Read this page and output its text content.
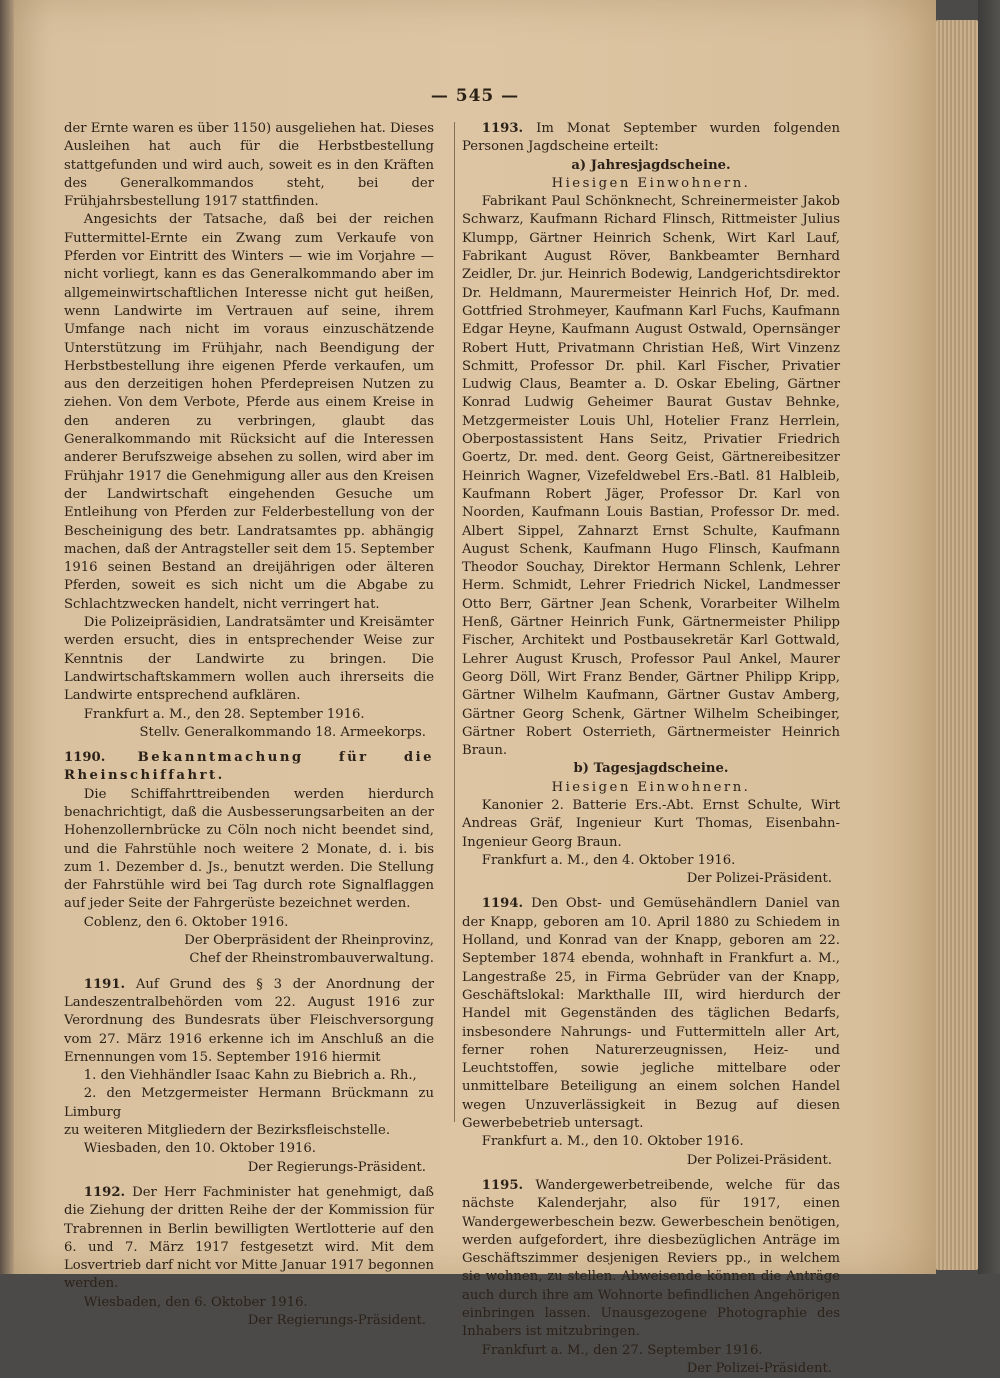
— 545 —

der Ernte waren es über 1150) ausgeliehen hat. Dieses Ausleihen hat auch für die Herbstbestellung stattgefunden und wird auch, soweit es in den Kräften des Generalkommandos steht, bei der Frühjahrsbestellung 1917 stattfinden.

Angesichts der Tatsache, daß bei der reichen Futtermittel-Ernte ein Zwang zum Verkaufe von Pferden vor Eintritt des Winters — wie im Vorjahre — nicht vorliegt, kann es das Generalkommando aber im allgemeinwirtschaftlichen Interesse nicht gut heißen, wenn Landwirte im Vertrauen auf seine, ihrem Umfange nach nicht im voraus einzuschätzende Unterstützung im Frühjahr, nach Beendigung der Herbstbestellung ihre eigenen Pferde verkaufen, um aus den derzeitigen hohen Pferdepreisen Nutzen zu ziehen. Von dem Verbote, Pferde aus einem Kreise in den anderen zu verbringen, glaubt das Generalkommando mit Rücksicht auf die Interessen anderer Berufszweige absehen zu sollen, wird aber im Frühjahr 1917 die Genehmigung aller aus den Kreisen der Landwirtschaft eingehenden Gesuche um Entleihung von Pferden zur Felderbestellung von der Bescheinigung des betr. Landratsamtes pp. abhängig machen, daß der Antragsteller seit dem 15. September 1916 seinen Bestand an dreijährigen oder älteren Pferden, soweit es sich nicht um die Abgabe zu Schlachtzwecken handelt, nicht verringert hat.

Die Polizeipräsidien, Landratsämter und Kreisämter werden ersucht, dies in entsprechender Weise zur Kenntnis der Landwirte zu bringen. Die Landwirtschaftskammern wollen auch ihrerseits die Landwirte entsprechend aufklären.

Frankfurt a. M., den 28. September 1916.

Stellv. Generalkommando 18. Armeekorps.

1190. Bekanntmachung für die Rheinschiffahrt.

Die Schiffahrttreibenden werden hierdurch benachrichtigt, daß die Ausbesserungsarbeiten an der Hohenzollernbrücke zu Cöln noch nicht beendet sind, und die Fahrstühle noch weitere 2 Monate, d. i. bis zum 1. Dezember d. Js., benutzt werden. Die Stellung der Fahrstühle wird bei Tag durch rote Signalflaggen auf jeder Seite der Fahrgerüste bezeichnet werden.

Coblenz, den 6. Oktober 1916.

Der Oberpräsident der Rheinprovinz,

Chef der Rheinstrombauverwaltung.

1191. Auf Grund des § 3 der Anordnung der Landeszentralbehörden vom 22. August 1916 zur Verordnung des Bundesrats über Fleischversorgung vom 27. März 1916 erkenne ich im Anschluß an die Ernennungen vom 15. September 1916 hiermit

1. den Viehhändler Isaac Kahn zu Biebrich a. Rh.,

2. den Metzgermeister Hermann Brückmann zu Limburg

zu weiteren Mitgliedern der Bezirksfleischstelle.

Wiesbaden, den 10. Oktober 1916.

Der Regierungs-Präsident.

1192. Der Herr Fachminister hat genehmigt, daß die Ziehung der dritten Reihe der der Kommission für Trabrennen in Berlin bewilligten Wertlotterie auf den 6. und 7. März 1917 festgesetzt wird. Mit dem Losvertrieb darf nicht vor Mitte Januar 1917 begonnen werden.

Wiesbaden, den 6. Oktober 1916.

Der Regierungs-Präsident.

1193. Im Monat September wurden folgenden Personen Jagdscheine erteilt:

a) Jahresjagdscheine.

Hiesigen Einwohnern.

Fabrikant Paul Schönknecht, Schreinermeister Jakob Schwarz, Kaufmann Richard Flinsch, Rittmeister Julius Klumpp, Gärtner Heinrich Schenk, Wirt Karl Lauf, Fabrikant August Röver, Bankbeamter Bernhard Zeidler, Dr. jur. Heinrich Bodewig, Landgerichtsdirektor Dr. Heldmann, Maurermeister Heinrich Hof, Dr. med. Gottfried Strohmeyer, Kaufmann Karl Fuchs, Kaufmann Edgar Heyne, Kaufmann August Ostwald, Opernsänger Robert Hutt, Privatmann Christian Heß, Wirt Vinzenz Schmitt, Professor Dr. phil. Karl Fischer, Privatier Ludwig Claus, Beamter a. D. Oskar Ebeling, Gärtner Konrad Ludwig Geheimer Baurat Gustav Behnke, Metzgermeister Louis Uhl, Hotelier Franz Herrlein, Oberpostassistent Hans Seitz, Privatier Friedrich Goertz, Dr. med. dent. Georg Geist, Gärtnereibesitzer Heinrich Wagner, Vizefeldwebel Ers.-Batl. 81 Halbleib, Kaufmann Robert Jäger, Professor Dr. Karl von Noorden, Kaufmann Louis Bastian, Professor Dr. med. Albert Sippel, Zahnarzt Ernst Schulte, Kaufmann August Schenk, Kaufmann Hugo Flinsch, Kaufmann Theodor Souchay, Direktor Hermann Schlenk, Lehrer Herm. Schmidt, Lehrer Friedrich Nickel, Landmesser Otto Berr, Gärtner Jean Schenk, Vorarbeiter Wilhelm Henß, Gärtner Heinrich Funk, Gärtnermeister Philipp Fischer, Architekt und Postbausekretär Karl Gottwald, Lehrer August Krusch, Professor Paul Ankel, Maurer Georg Döll, Wirt Franz Bender, Gärtner Philipp Kripp, Gärtner Wilhelm Kaufmann, Gärtner Gustav Amberg, Gärtner Georg Schenk, Gärtner Wilhelm Scheibinger, Gärtner Robert Osterrieth, Gärtnermeister Heinrich Braun.

b) Tagesjagdscheine.

Hiesigen Einwohnern.

Kanonier 2. Batterie Ers.-Abt. Ernst Schulte, Wirt Andreas Gräf, Ingenieur Kurt Thomas, Eisenbahn-Ingenieur Georg Braun.

Frankfurt a. M., den 4. Oktober 1916.

Der Polizei-Präsident.

1194. Den Obst- und Gemüsehändlern Daniel van der Knapp, geboren am 10. April 1880 zu Schiedem in Holland, und Konrad van der Knapp, geboren am 22. September 1874 ebenda, wohnhaft in Frankfurt a. M., Langestraße 25, in Firma Gebrüder van der Knapp, Geschäftslokal: Markthalle III, wird hierdurch der Handel mit Gegenständen des täglichen Bedarfs, insbesondere Nahrungs- und Futtermitteln aller Art, ferner rohen Naturerzeugnissen, Heiz- und Leuchtstoffen, sowie jegliche mittelbare oder unmittelbare Beteiligung an einem solchen Handel wegen Unzuverlässigkeit in Bezug auf diesen Gewerbebetrieb untersagt.

Frankfurt a. M., den 10. Oktober 1916.

Der Polizei-Präsident.

1195. Wandergewerbetreibende, welche für das nächste Kalenderjahr, also für 1917, einen Wandergewerbeschein bezw. Gewerbeschein benötigen, werden aufgefordert, ihre diesbezüglichen Anträge im Geschäftszimmer desjenigen Reviers pp., in welchem sie wohnen, zu stellen. Abweisende können die Anträge auch durch ihre am Wohnorte befindlichen Angehörigen einbringen lassen. Unausgezogene Photographie des Inhabers ist mitzubringen.

Frankfurt a. M., den 27. September 1916.

Der Polizei-Präsident.
